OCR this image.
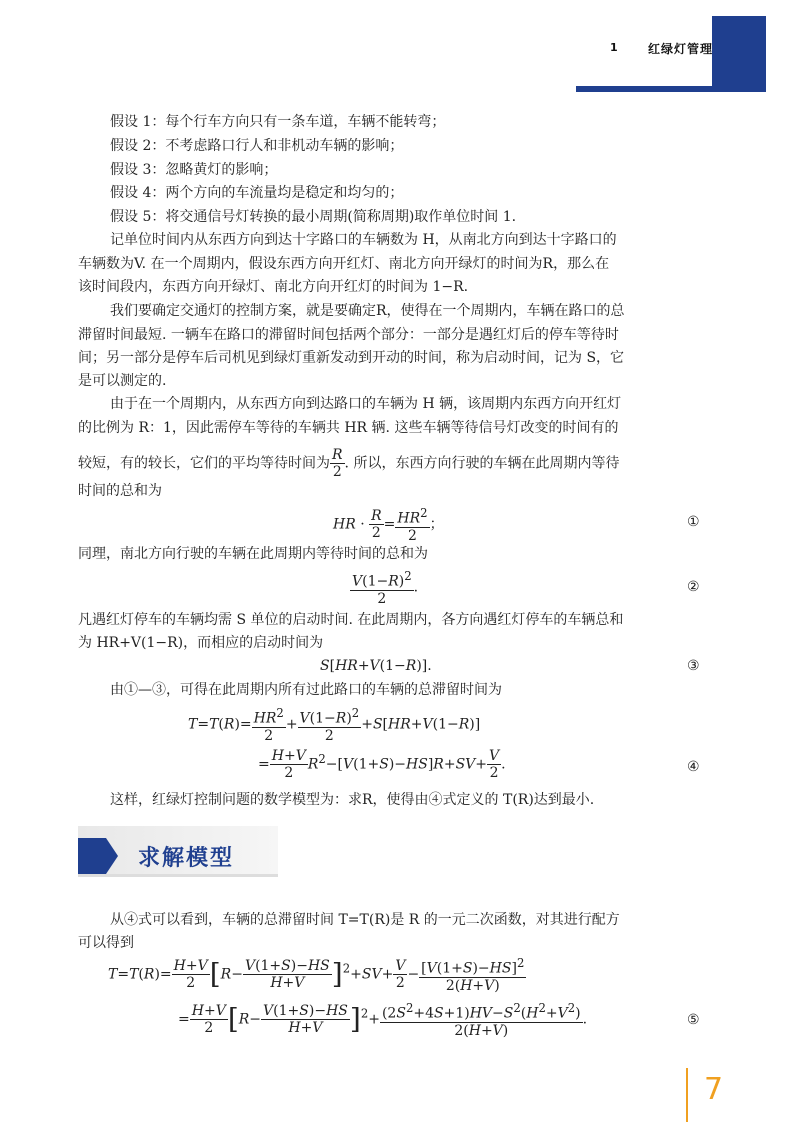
1	红绿灯管理
假设 1：每个行车方向只有一条车道，车辆不能转弯；
假设 2：不考虑路口行人和非机动车辆的影响；
假设 3：忽略黄灯的影响；
假设 4：两个方向的车流量均是稳定和均匀的；
假设 5：将交通信号灯转换的最小周期(简称周期)取作单位时间 1.
记单位时间内从东西方向到达十字路口的车辆数为 H，从南北方向到达十字路口的
车辆数为V. 在一个周期内，假设东西方向开红灯、南北方向开绿灯的时间为R，那么在
该时间段内，东西方向开绿灯、南北方向开红灯的时间为 1−R.
我们要确定交通灯的控制方案，就是要确定R，使得在一个周期内，车辆在路口的总
滞留时间最短. 一辆车在路口的滞留时间包括两个部分：一部分是遇红灯后的停车等待时
间；另一部分是停车后司机见到绿灯重新发动到开动的时间，称为启动时间，记为 S，它
是可以测定的.
由于在一个周期内，从东西方向到达路口的车辆为 H 辆，该周期内东西方向开红灯
的比例为 R：1，因此需停车等待的车辆共 HR 辆. 这些车辆等待信号灯改变的时间有的
较短，有的较长，它们的平均等待时间为 $\frac{R}{2}$ . 所以，东西方向行驶的车辆在此周期内等待
时间的总和为
HR · $\frac{R}{2} = \frac{HR^2}{2}$ ；	①
同理，南北方向行驶的车辆在此周期内等待时间的总和为
$\frac{V(1-R)^2}{2}$ .	②
凡遇红灯停车的车辆均需 S 单位的启动时间. 在此周期内，各方向遇红灯停车的车辆总和
为 HR+V(1−R)，而相应的启动时间为
S[HR+V(1−R)].	③
由①—③，可得在此周期内所有过此路口的车辆的总滞留时间为
$T=T(R)= \frac{HR^2}{2} + \frac{V(1-R)^2}{2} +S[HR+V(1-R)]$
= $\frac{H+V}{2} R^2-[V(1+S)-HS]R+SV+ \frac{V}{2}$ .	④
这样，红绿灯控制问题的数学模型为：求R，使得由④式定义的 T(R)达到最小.
求解模型
从④式可以看到，车辆的总滞留时间 T=T(R)是 R 的一元二次函数，对其进行配方
可以得到
$T=T(R)= \frac{H+V}{2} [R- \frac{V(1+S)-HS}{H+V} ]^2+SV+ \frac{V}{2} - \frac{[V(1+S)-HS]^2}{2(H+V)}$
= $\frac{H+V}{2} [R- \frac{V(1+S)-HS}{H+V} ]^2+ \frac{(2S^2+4S+1)HV-S^2(H^2+V^2)}{2(H+V)}$ .	⑤
7
